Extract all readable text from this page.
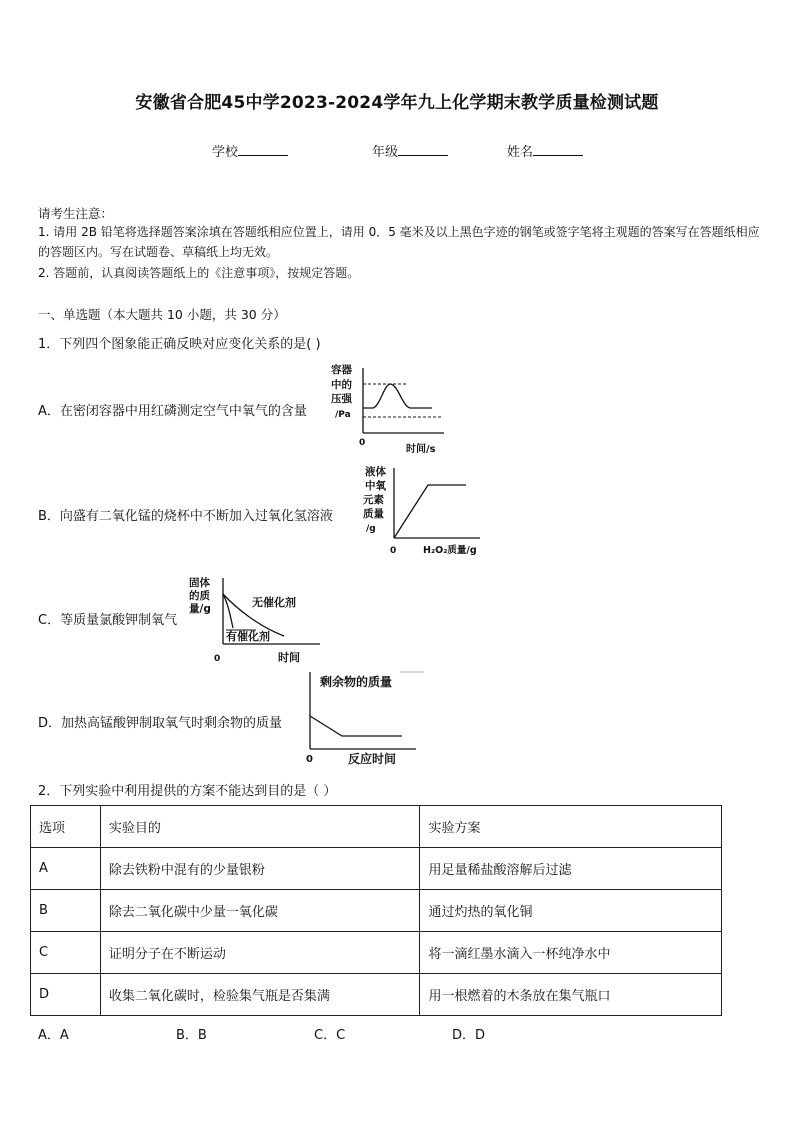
安徽省合肥45中学2023-2024学年九上化学期末教学质量检测试题
学校	年级	姓名
请考生注意：
1. 请用 2B 铅笔将选择题答案涂填在答题纸相应位置上，请用 0．5 毫米及以上黑色字迹的钢笔或签字笔将主观题的答案写在答题纸相应的答题区内。写在试题卷、草稿纸上均无效。
2. 答题前，认真阅读答题纸上的《注意事项》，按规定答题。
一、单选题（本大题共 10 小题，共 30 分）
1．下列四个图象能正确反映对应变化关系的是( )
A．在密闭容器中用红磷测定空气中氧气的含量
B．向盛有二氧化锰的烧杯中不断加入过氧化氢溶液
C．等质量氯酸钾制氧气
D．加热高锰酸钾制取氧气时剩余物的质量
容器
中的
压强
/Pa
0
时间/s
液体
中氧
元素
质量
/g
0	H₂O₂质量/g
固体
的质
量/g
0	时间
无催化剂
有催化剂
剩余物的质量
0	反应时间
2．下列实验中利用提供的方案不能达到目的是（ ）
选项	实验目的	实验方案
A	除去铁粉中混有的少量银粉	用足量稀盐酸溶解后过滤
B	除去二氧化碳中少量一氧化碳	通过灼热的氧化铜
C	证明分子在不断运动	将一滴红墨水滴入一杯纯净水中
D	收集二氧化碳时，检验集气瓶是否集满	用一根燃着的木条放在集气瓶口
A．A	B．B	C．C	D．D
